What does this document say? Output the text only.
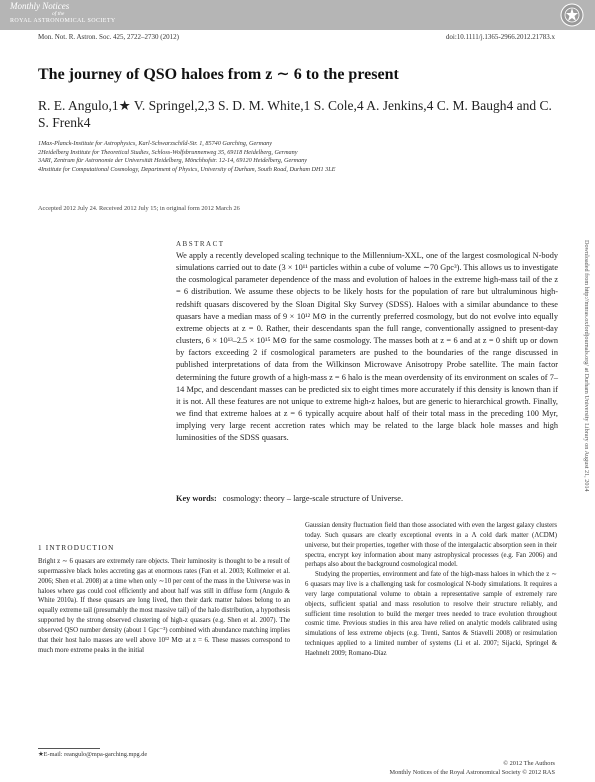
Monthly Notices
of the
ROYAL ASTRONOMICAL SOCIETY
Mon. Not. R. Astron. Soc. 425, 2722–2730 (2012)	doi:10.1111/j.1365-2966.2012.21783.x
The journey of QSO haloes from z ∼ 6 to the present
R. E. Angulo,1★ V. Springel,2,3 S. D. M. White,1 S. Cole,4 A. Jenkins,4 C. M. Baugh4 and C. S. Frenk4
1Max-Planck-Institute for Astrophysics, Karl-Schwarzschild-Str. 1, 85740 Garching, Germany
2Heidelberg Institute for Theoretical Studies, Schloss-Wolfsbrunnenweg 35, 69118 Heidelberg, Germany
3ARI, Zentrum für Astronomie der Universität Heidelberg, Mönchhofstr. 12-14, 69120 Heidelberg, Germany
4Institute for Computational Cosmology, Department of Physics, University of Durham, South Road, Durham DH1 3LE
Accepted 2012 July 24. Received 2012 July 15; in original form 2012 March 26
ABSTRACT
We apply a recently developed scaling technique to the Millennium-XXL, one of the largest cosmological N-body simulations carried out to date (3 × 10¹¹ particles within a cube of volume ∼70 Gpc³). This allows us to investigate the cosmological parameter dependence of the mass and evolution of haloes in the extreme high-mass tail of the z = 6 distribution. We assume these objects to be likely hosts for the population of rare but ultraluminous high-redshift quasars discovered by the Sloan Digital Sky Survey (SDSS). Haloes with a similar abundance to these quasars have a median mass of 9 × 10¹² M⊙ in the currently preferred cosmology, but do not evolve into equally extreme objects at z = 0. Rather, their descendants span the full range, conventionally assigned to present-day clusters, 6 × 10¹³–2.5 × 10¹⁵ M⊙ for the same cosmology. The masses both at z = 6 and at z = 0 shift up or down by factors exceeding 2 if cosmological parameters are pushed to the boundaries of the range discussed in published interpretations of data from the Wilkinson Microwave Anisotropy Probe satellite. The main factor determining the future growth of a high-mass z = 6 halo is the mean overdensity of its environment on scales of 7–14 Mpc, and descendant masses can be predicted six to eight times more accurately if this density is known than if it is not. All these features are not unique to extreme high-z haloes, but are generic to hierarchical growth. Finally, we find that extreme haloes at z = 6 typically acquire about half of their total mass in the preceding 100 Myr, implying very large recent accretion rates which may be related to the large black hole masses and high luminosities of the SDSS quasars.
Key words: cosmology: theory – large-scale structure of Universe.
Downloaded from http://mnras.oxfordjournals.org/ at Durham University Library on August 21, 2014
1 INTRODUCTION

Bright z ∼ 6 quasars are extremely rare objects. Their luminosity is thought to be a result of supermassive black holes accreting gas at enormous rates (Fan et al. 2003; Kollmeier et al. 2006; Shen et al. 2008) at a time when only ∼10 per cent of the mass in the Universe was in haloes where gas could cool efficiently and about half was still in diffuse form (Angulo & White 2010a). If these quasars are long lived, then their dark matter haloes belong to an equally extreme tail (presumably the most massive tail) of the halo distribution, a hypothesis supported by the strong observed clustering of high-z quasars (e.g. Shen et al. 2007). The observed QSO number density (about 1 Gpc⁻³) combined with abundance matching implies that their host halo masses are well above 10¹² M⊙ at z = 6. These masses correspond to much more extreme peaks in the initial

Gaussian density fluctuation field than those associated with even the largest galaxy clusters today. Such quasars are clearly exceptional events in a Λ cold dark matter (ΛCDM) universe, but their properties, together with those of the intergalactic absorption seen in their spectra, encrypt key information about many astrophysical processes (e.g. Fan 2006) and perhaps also about the background cosmological model.

Studying the properties, environment and fate of the high-mass haloes in which the z ∼ 6 quasars may live is a challenging task for cosmological N-body simulations. It requires a very large computational volume to obtain a representative sample of extremely rare objects, sufficient spatial and mass resolution to resolve their structure reliably, and sufficient time resolution to build the merger trees needed to trace evolution throughout cosmic time. Previous studies in this area have relied on analytic models calibrated using simulations of less extreme objects (e.g. Trenti, Santos & Stiavelli 2008) or resimulation techniques applied to a limited number of systems (Li et al. 2007; Sijacki, Springel & Haehnelt 2009; Romano-Díaz

★E-mail: reangulo@mpa-garching.mpg.de
© 2012 The Authors
Monthly Notices of the Royal Astronomical Society © 2012 RAS
